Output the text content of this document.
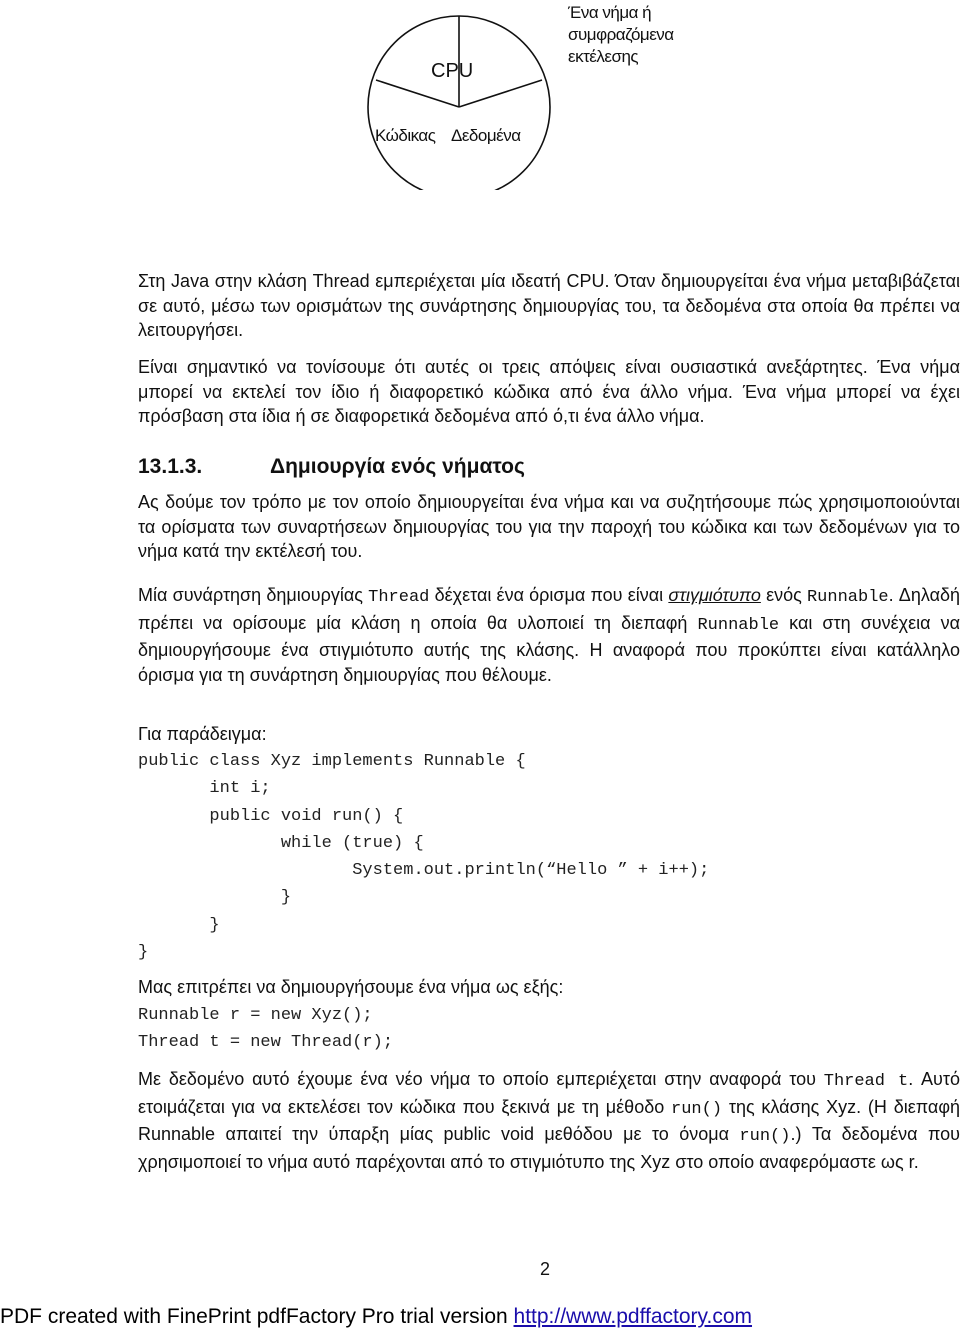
CPU
Κώδικας Δεδομένα
Ένα νήμα ή
συμφραζόμενα
εκτέλεσης

Στη Java στην κλάση Thread εμπεριέχεται μία ιδεατή CPU. Όταν δημιουργείται ένα νήμα μεταβιβάζεται σε αυτό, μέσω των ορισμάτων της συνάρτησης δημιουργίας του, τα δεδομένα στα οποία θα πρέπει να λειτουργήσει.

Είναι σημαντικό να τονίσουμε ότι αυτές οι τρεις απόψεις είναι ουσιαστικά ανεξάρτητες. Ένα νήμα μπορεί να εκτελεί τον ίδιο ή διαφορετικό κώδικα από ένα άλλο νήμα. Ένα νήμα μπορεί να έχει πρόσβαση στα ίδια ή σε διαφορετικά δεδομένα από ό,τι ένα άλλο νήμα.

13.1.3.	Δημιουργία ενός νήματος

Ας δούμε τον τρόπο με τον οποίο δημιουργείται ένα νήμα και να συζητήσουμε πώς χρησιμοποιούνται τα ορίσματα των συναρτήσεων δημιουργίας του για την παροχή του κώδικα και των δεδομένων για το νήμα κατά την εκτέλεσή του.

Μία συνάρτηση δημιουργίας Thread δέχεται ένα όρισμα που είναι στιγμιότυπο ενός Runnable. Δηλαδή πρέπει να ορίσουμε μία κλάση η οποία θα υλοποιεί τη διεπαφή Runnable και στη συνέχεια να δημιουργήσουμε ένα στιγμιότυπο αυτής της κλάσης. Η αναφορά που προκύπτει είναι κατάλληλο όρισμα για τη συνάρτηση δημιουργίας που θέλουμε.

Για παράδειγμα:

public class Xyz implements Runnable {
int i;
public void run() {
while (true) {
System.out.println(“Hello ” + i++);
}
}
}

Μας επιτρέπει να δημιουργήσουμε ένα νήμα ως εξής:

Runnable r = new Xyz();
Thread t = new Thread(r);

Με δεδομένο αυτό έχουμε ένα νέο νήμα το οποίο εμπεριέχεται στην αναφορά του Thread t. Αυτό ετοιμάζεται για να εκτελέσει τον κώδικα που ξεκινά με τη μέθοδο run() της κλάσης Xyz. (Η διεπαφή Runnable απαιτεί την ύπαρξη μίας public void μεθόδου με το όνομα run().) Τα δεδομένα που χρησιμοποιεί το νήμα αυτό παρέχονται από το στιγμιότυπο της Xyz στο οποίο αναφερόμαστε ως r.

2
PDF created with FinePrint pdfFactory Pro trial version http://www.pdffactory.com
